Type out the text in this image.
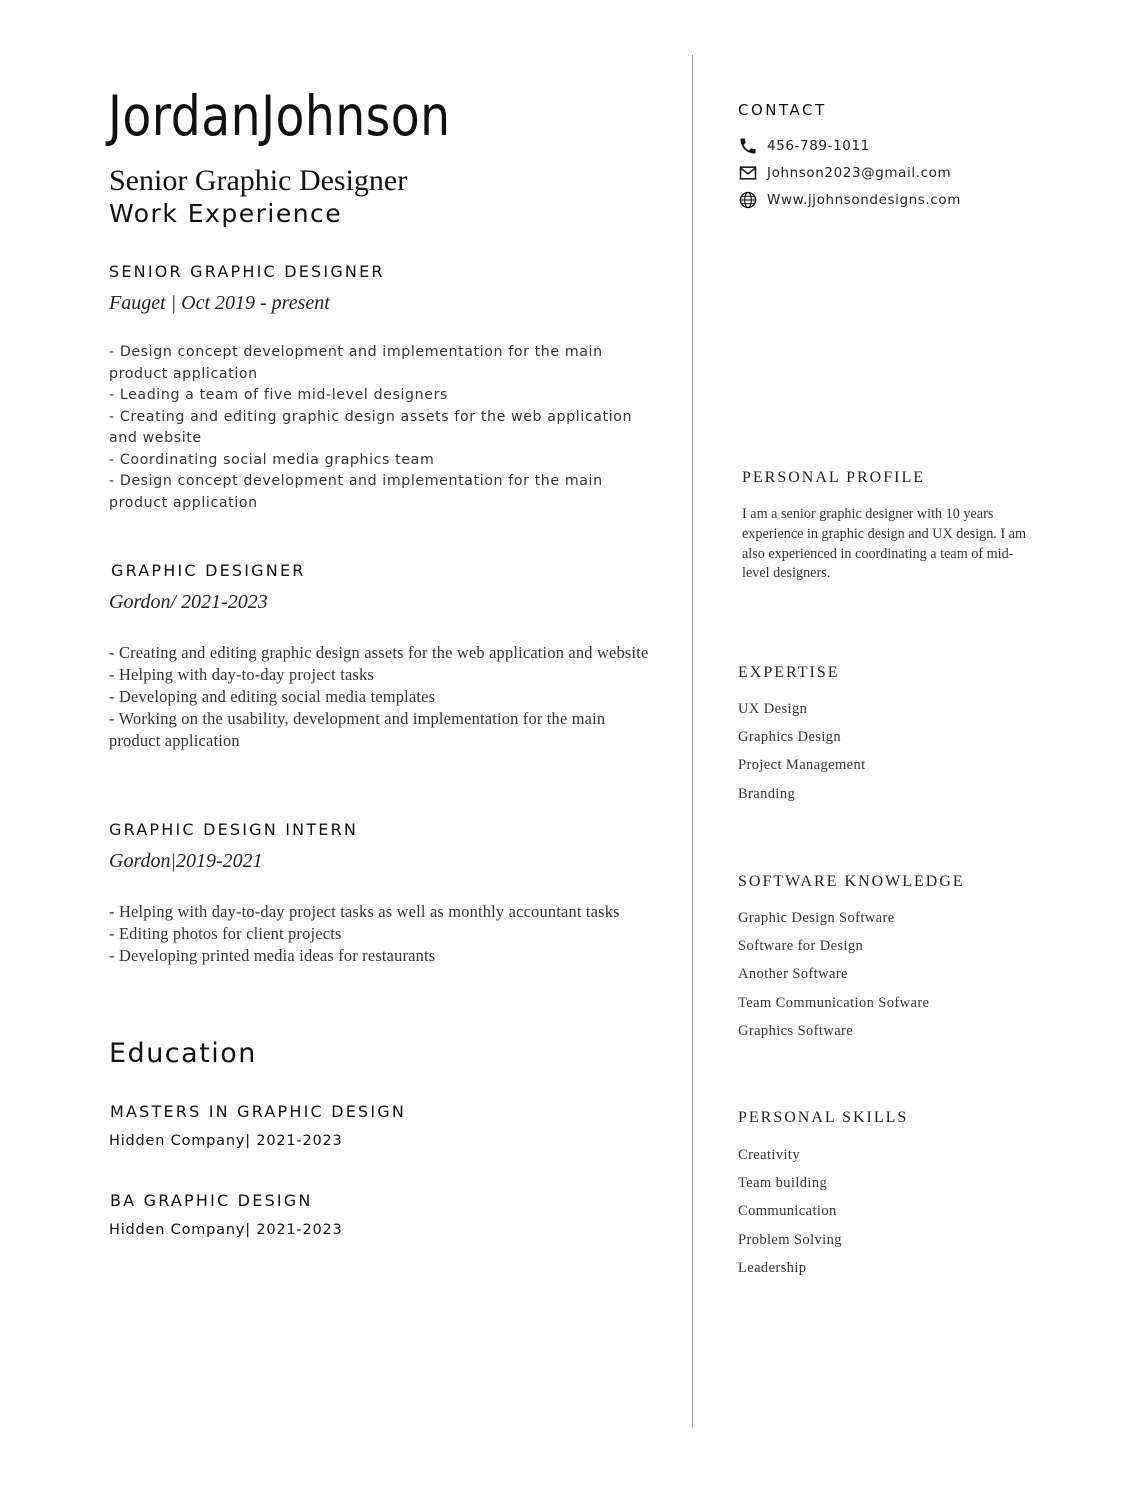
JordanJohnson
Senior Graphic Designer
Work Experience
SENIOR GRAPHIC DESIGNER
Fauget | Oct 2019 - present
- Design concept development and implementation for the main product application
- Leading a team of five mid-level designers
- Creating and editing graphic design assets for the web application and website
- Coordinating social media graphics team
- Design concept development and implementation for the main product application
GRAPHIC DESIGNER
Gordon/ 2021-2023
- Creating and editing graphic design assets for the web application and website
- Helping with day-to-day project tasks
- Developing and editing social media templates
- Working on the usability, development and implementation for the main product application
GRAPHIC DESIGN INTERN
Gordon|2019-2021
- Helping with day-to-day project tasks as well as monthly accountant tasks
- Editing photos for client projects
- Developing printed media ideas for restaurants
Education
MASTERS IN GRAPHIC DESIGN
Hidden Company| 2021-2023
BA GRAPHIC DESIGN
Hidden Company| 2021-2023
CONTACT
456-789-1011
Johnson2023@gmail.com
Www.jjohnsondesigns.com
PERSONAL PROFILE
I am a senior graphic designer with 10 years experience in graphic design and UX design. I am also experienced in coordinating a team of mid-level designers.
EXPERTISE
UX Design
Graphics Design
Project Management
Branding
SOFTWARE KNOWLEDGE
Graphic Design Software
Software for Design
Another Software
Team Communication Sofware
Graphics Software
PERSONAL SKILLS
Creativity
Team building
Communication
Problem Solving
Leadership
